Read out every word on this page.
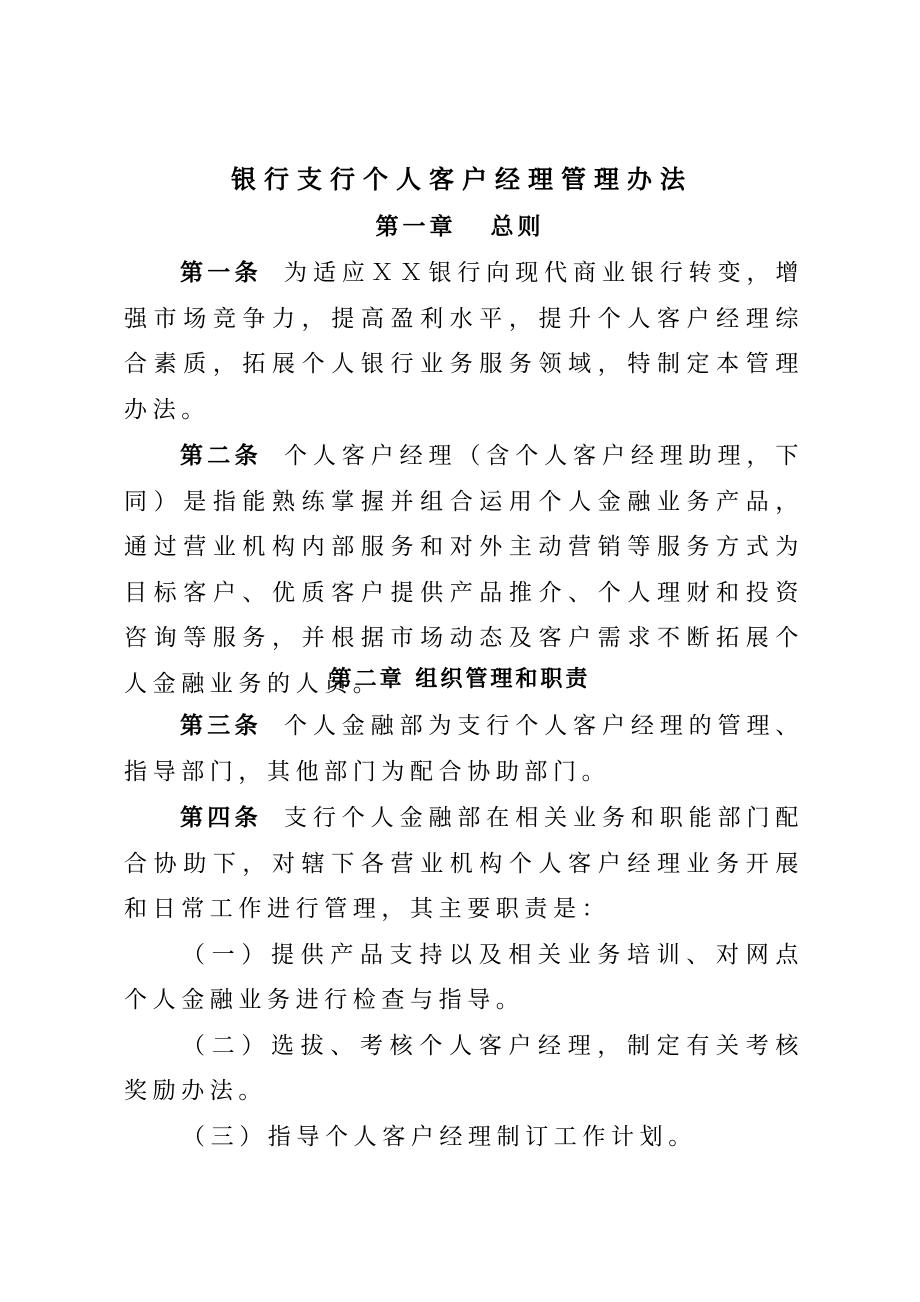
银行支行个人客户经理管理办法
第一章 总则

第一条 为适应ＸＸ银行向现代商业银行转变，增强市场竞争力，提高盈利水平，提升个人客户经理综合素质，拓展个人银行业务服务领域，特制定本管理办法。

第二条 个人客户经理（含个人客户经理助理，下同）是指能熟练掌握并组合运用个人金融业务产品，通过营业机构内部服务和对外主动营销等服务方式为目标客户、优质客户提供产品推介、个人理财和投资咨询等服务，并根据市场动态及客户需求不断拓展个人金融业务的人员。

第二章 组织管理和职责

第三条 个人金融部为支行个人客户经理的管理、指导部门，其他部门为配合协助部门。

第四条 支行个人金融部在相关业务和职能部门配合协助下，对辖下各营业机构个人客户经理业务开展和日常工作进行管理，其主要职责是：

（一）提供产品支持以及相关业务培训、对网点个人金融业务进行检查与指导。

（二）选拔、考核个人客户经理，制定有关考核奖励办法。

（三）指导个人客户经理制订工作计划。
